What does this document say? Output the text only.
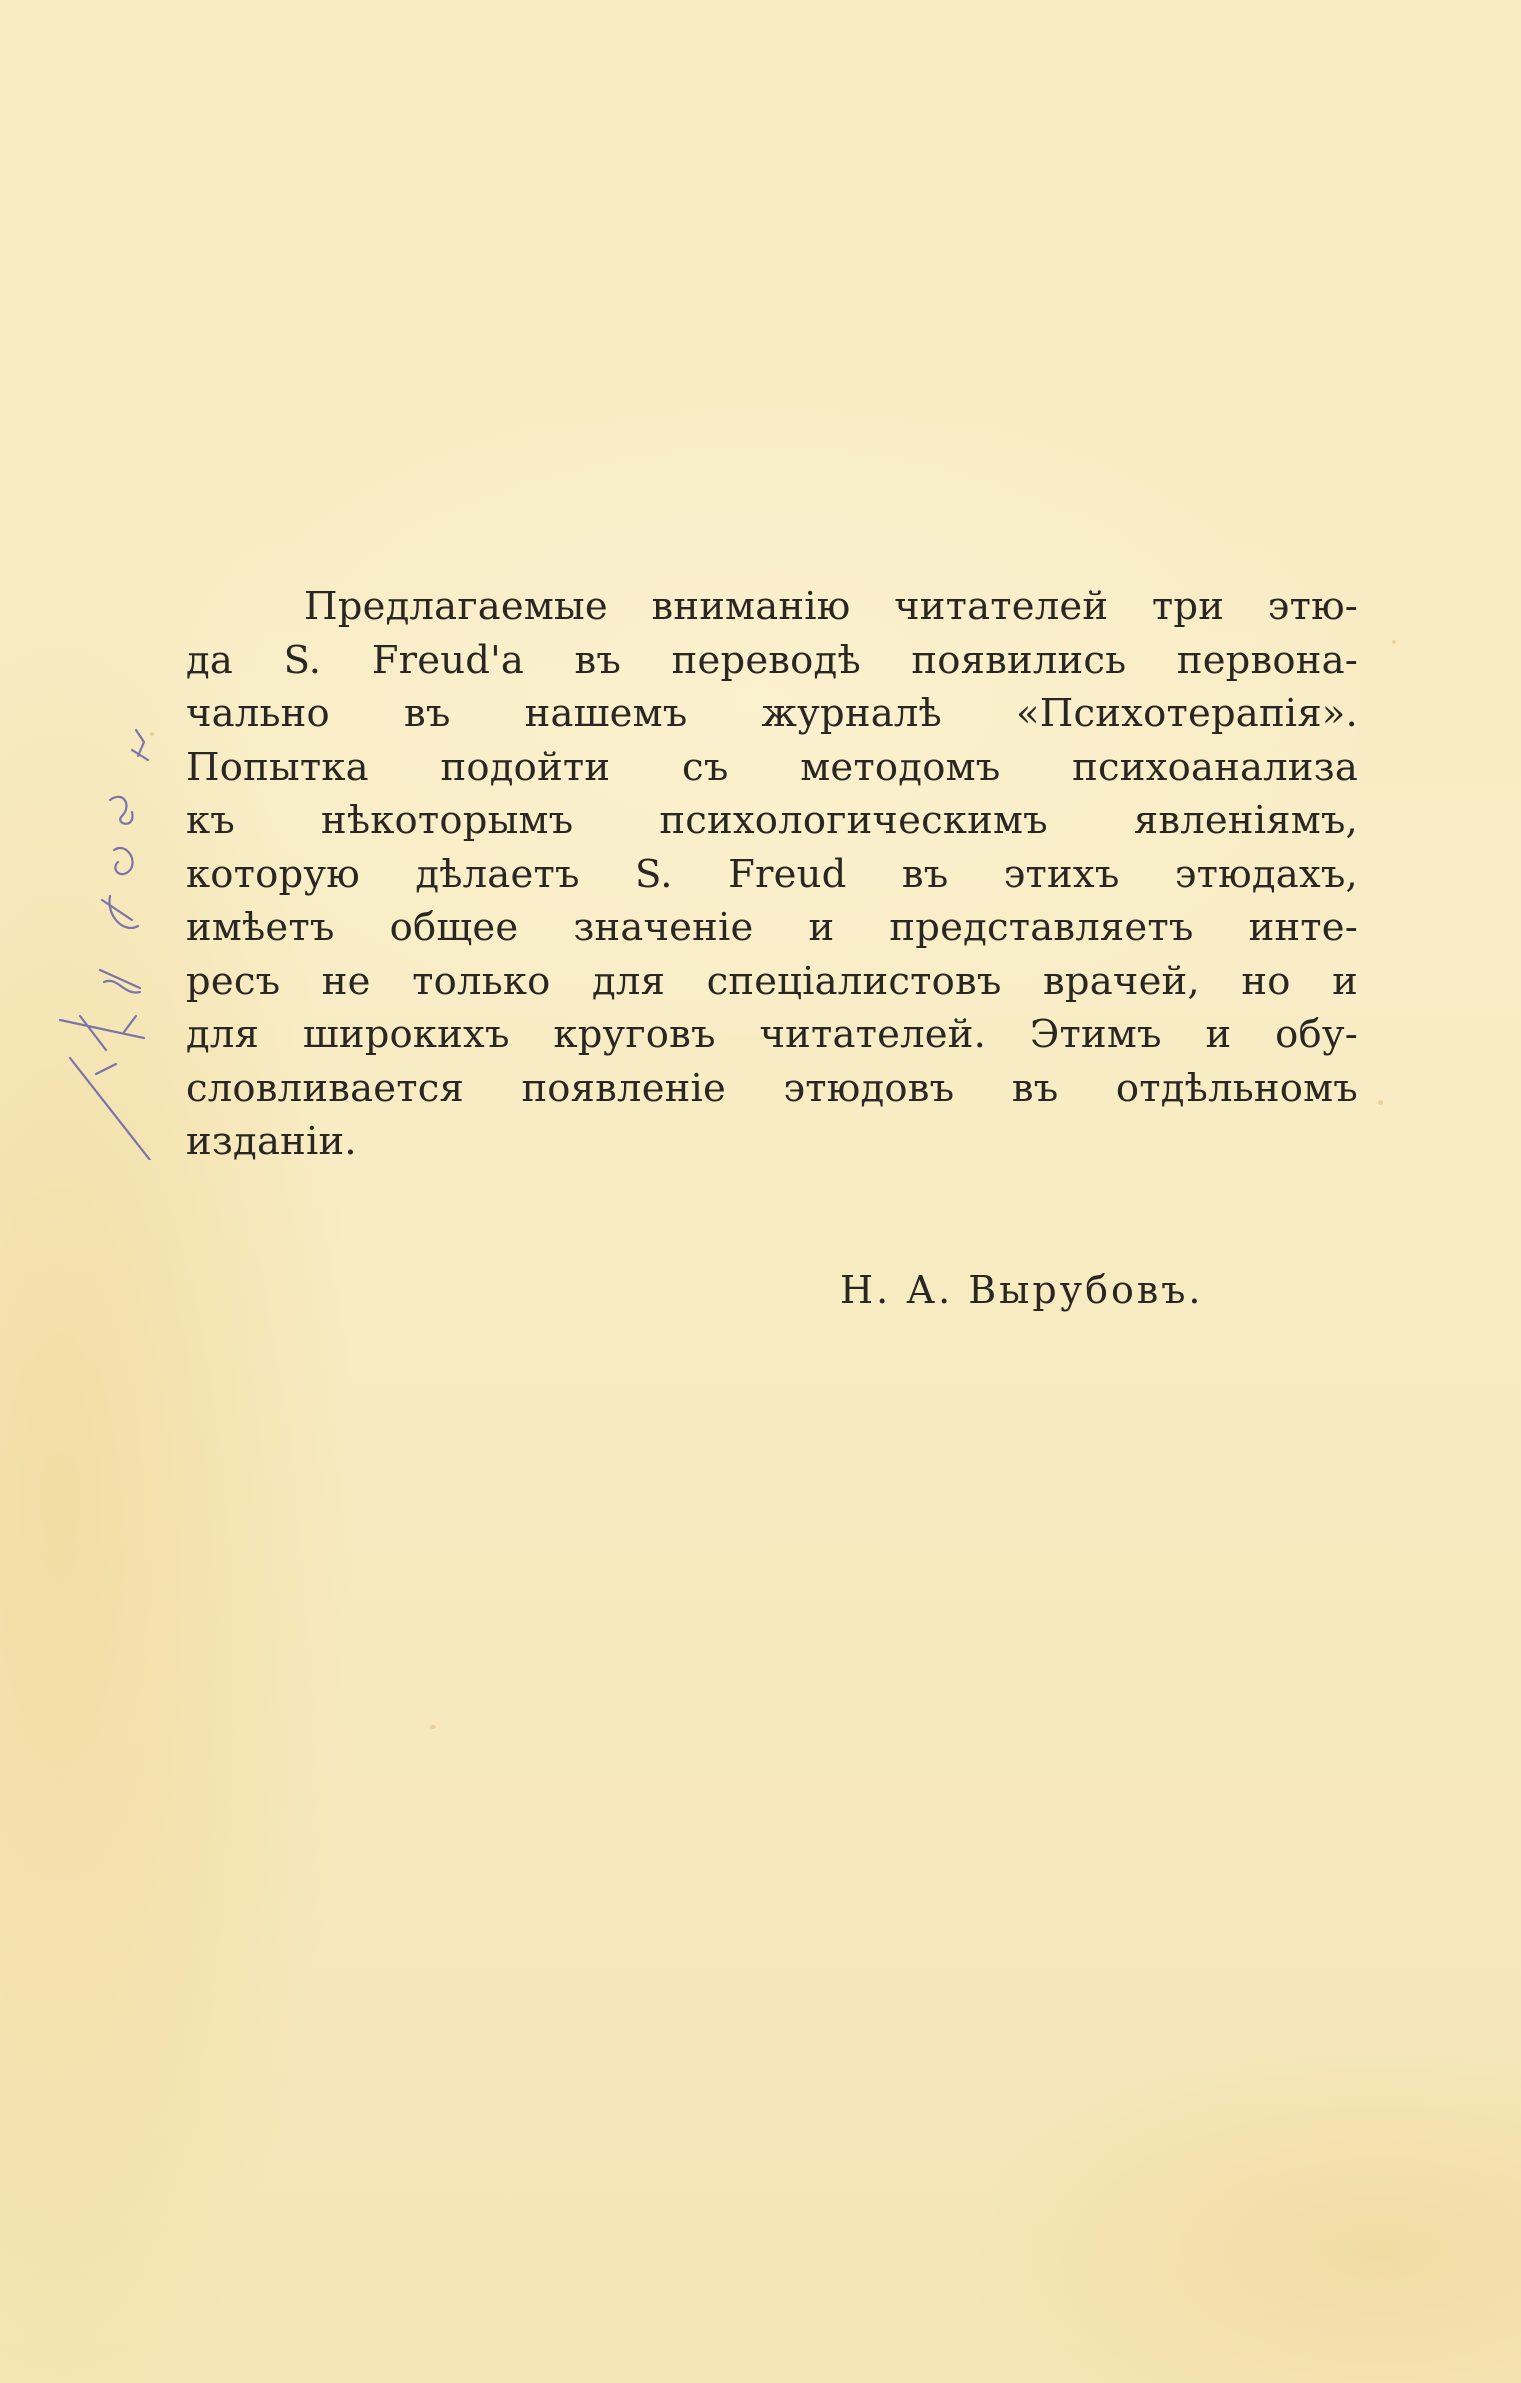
Предлагаемые вниманію читателей три этю-
да S. Freud'a въ переводѣ появились первона-
чально въ нашемъ журналѣ «Психотерапія».
Попытка подойти съ методомъ психоанализа
къ нѣкоторымъ психологическимъ явленіямъ,
которую дѣлаетъ S. Freud въ этихъ этюдахъ,
имѣетъ общее значеніе и представляетъ инте-
ресъ не только для спеціалистовъ врачей, но и
для широкихъ круговъ читателей. Этимъ и обу-
словливается появленіе этюдовъ въ отдѣльномъ
изданіи.
Н. А. Вырубовъ.
